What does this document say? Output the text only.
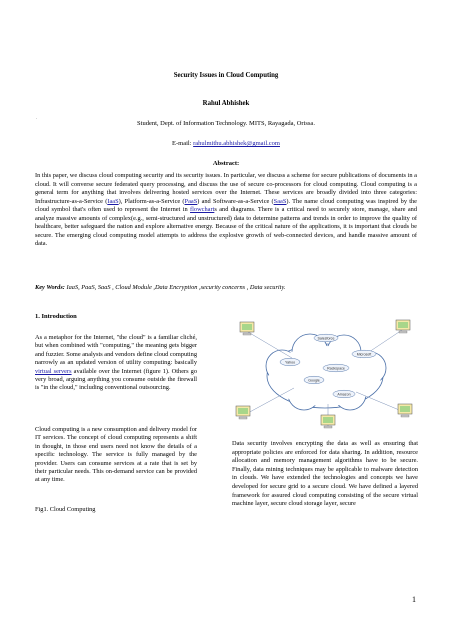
Security Issues in Cloud Computing
Rahul Abhishek
.
Student, Dept. of Information Technology. MITS, Rayagada, Orissa.
E-mail: rahulmithu.abhishek@gmail.com
Abstract:
In this paper, we discuss cloud computing security and its security issues. In particular, we discuss a scheme for secure publications of documents in a cloud. It will converse secure federated query processing, and discuss the use of secure co-processors for cloud computing. Cloud computing is a general term for anything that involves delivering hosted services over the Internet. These services are broadly divided into three categories: Infrastructure-as-a-Service (IaaS), Platform-as-a-Service (PaaS) and Software-as-a-Service (SaaS). The name cloud computing was inspired by the cloud symbol that's often used to represent the Internet in flowcharts and diagrams. There is a critical need to securely store, manage, share and analyze massive amounts of complex(e.g., semi-structured and unstructured) data to determine patterns and trends in order to improve the quality of healthcare, better safeguard the nation and explore alternative energy. Because of the critical nature of the applications, it is important that clouds be secure. The emerging cloud computing model attempts to address the explosive growth of web-connected devices, and handle massive amount of data.
Key Words: IaaS, PaaS, SaaS , Cloud Module ,Data Encryption ,security concerns , Data security.
1. Introduction
As a metaphor for the Internet, "the cloud" is a familiar cliché, but when combined with "computing," the meaning gets bigger and fuzzier. Some analysts and vendors define cloud computing narrowly as an updated version of utility computing: basically virtual servers available over the Internet (figure 1). Others go very broad, arguing anything you consume outside the firewall is "in the cloud," including conventional outsourcing.
Cloud computing is a new consumption and delivery model for IT services. The concept of cloud computing represents a shift in thought, in those end users need not know the details of a specific technology. The service is fully managed by the provider. Users can consume services at a rate that is set by their particular needs. This on-demand service can be provided at any time.
Fig1. Cloud Computing
Salesforce
Microsoft
Yahoo
Rackspace
Google
Amazon
Data security involves encrypting the data as well as ensuring that appropriate policies are enforced for data sharing. In addition, resource allocation and memory management algorithms have to be secure. Finally, data mining techniques may be applicable to malware detection in clouds. We have extended the technologies and concepts we have developed for secure grid to a secure cloud. We have defined a layered framework for assured cloud computing consisting of the secure virtual machine layer, secure cloud storage layer, secure
1
